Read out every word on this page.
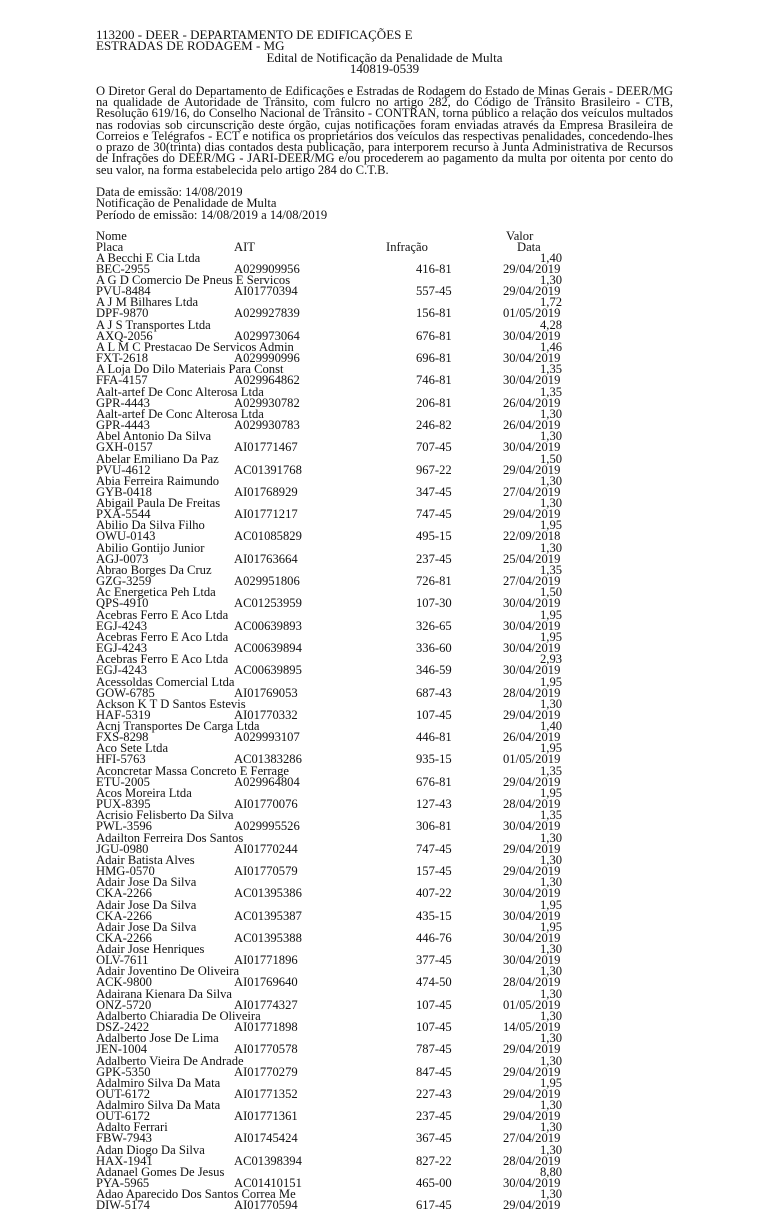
113200 - DEER - DEPARTAMENTO DE EDIFICAÇÕES E
ESTRADAS DE RODAGEM - MG
Edital de Notificação da Penalidade de Multa
140819-0539
O Diretor Geral do Departamento de Edificações e Estradas de Rodagem do Estado de Minas Gerais - DEER/MG na qualidade de Autoridade de Trânsito, com fulcro no artigo 282, do Código de Trânsito Brasileiro - CTB, Resolução 619/16, do Conselho Nacional de Trânsito - CONTRAN, torna público a relação dos veículos multados nas rodovias sob circunscrição deste órgão, cujas notificações foram enviadas através da Empresa Brasileira de Correios e Telégrafos - ECT e notifica os proprietários dos veículos das respectivas penalidades, concedendo-lhes o prazo de 30(trinta) dias contados desta publicação, para interporem recurso à Junta Administrativa de Recursos de Infrações do DEER/MG - JARI-DEER/MG e/ou procederem ao pagamento da multa por oitenta por cento do seu valor, na forma estabelecida pelo artigo 284 do C.T.B.
Data de emissão: 14/08/2019
Notificação de Penalidade de Multa
Período de emissão: 14/08/2019 a 14/08/2019
Nome	Valor
Placa	AIT	Infração	Data
A Becchi E Cia Ltda	1,40
BEC-2955	A029909956	416-81	29/04/2019
A G D Comercio De Pneus E Servicos	1,30
PVU-8484	AI01770394	557-45	29/04/2019
A J M Bilhares Ltda	1,72
DPF-9870	A029927839	156-81	01/05/2019
A J S Transportes Ltda	4,28
AXQ-2056	A029973064	676-81	30/04/2019
A L M C Prestacao De Servicos Admin	1,46
FXT-2618	A029990996	696-81	30/04/2019
A Loja Do Dilo Materiais Para Const	1,35
FFA-4157	A029964862	746-81	30/04/2019
Aalt-artef De Conc Alterosa Ltda	1,35
GPR-4443	A029930782	206-81	26/04/2019
Aalt-artef De Conc Alterosa Ltda	1,30
GPR-4443	A029930783	246-82	26/04/2019
Abel Antonio Da Silva	1,30
GXH-0157	AI01771467	707-45	30/04/2019
Abelar Emiliano Da Paz	1,50
PVU-4612	AC01391768	967-22	29/04/2019
Abia Ferreira Raimundo	1,30
GYB-0418	AI01768929	347-45	27/04/2019
Abigail Paula De Freitas	1,30
PXA-5544	AI01771217	747-45	29/04/2019
Abilio Da Silva Filho	1,95
OWU-0143	AC01085829	495-15	22/09/2018
Abilio Gontijo Junior	1,30
AGJ-0073	AI01763664	237-45	25/04/2019
Abrao Borges Da Cruz	1,35
GZG-3259	A029951806	726-81	27/04/2019
Ac Energetica Peh Ltda	1,50
QPS-4910	AC01253959	107-30	30/04/2019
Acebras Ferro E Aco Ltda	1,95
EGJ-4243	AC00639893	326-65	30/04/2019
Acebras Ferro E Aco Ltda	1,95
EGJ-4243	AC00639894	336-60	30/04/2019
Acebras Ferro E Aco Ltda	2,93
EGJ-4243	AC00639895	346-59	30/04/2019
Acessoldas Comercial Ltda	1,95
GOW-6785	AI01769053	687-43	28/04/2019
Ackson K T D Santos Estevis	1,30
HAF-5319	AI01770332	107-45	29/04/2019
Acnj Transportes De Carga Ltda	1,40
FXS-8298	A029993107	446-81	26/04/2019
Aco Sete Ltda	1,95
HFI-5763	AC01383286	935-15	01/05/2019
Aconcretar Massa Concreto E Ferrage	1,35
ETU-2005	A029964804	676-81	29/04/2019
Acos Moreira Ltda	1,95
PUX-8395	AI01770076	127-43	28/04/2019
Acrisio Felisberto Da Silva	1,35
PWL-3596	A029995526	306-81	30/04/2019
Adailton Ferreira Dos Santos	1,30
JGU-0980	AI01770244	747-45	29/04/2019
Adair Batista Alves	1,30
HMG-0570	AI01770579	157-45	29/04/2019
Adair Jose Da Silva	1,30
CKA-2266	AC01395386	407-22	30/04/2019
Adair Jose Da Silva	1,95
CKA-2266	AC01395387	435-15	30/04/2019
Adair Jose Da Silva	1,95
CKA-2266	AC01395388	446-76	30/04/2019
Adair Jose Henriques	1,30
OLV-7611	AI01771896	377-45	30/04/2019
Adair Joventino De Oliveira	1,30
ACK-9800	AI01769640	474-50	28/04/2019
Adairana Kienara Da Silva	1,30
ONZ-5720	AI01774327	107-45	01/05/2019
Adalberto Chiaradia De Oliveira	1,30
DSZ-2422	AI01771898	107-45	14/05/2019
Adalberto Jose De Lima	1,30
JEN-1004	AI01770578	787-45	29/04/2019
Adalberto Vieira De Andrade	1,30
GPK-5350	AI01770279	847-45	29/04/2019
Adalmiro Silva Da Mata	1,95
OUT-6172	AI01771352	227-43	29/04/2019
Adalmiro Silva Da Mata	1,30
OUT-6172	AI01771361	237-45	29/04/2019
Adalto Ferrari	1,30
FBW-7943	AI01745424	367-45	27/04/2019
Adan Diogo Da Silva	1,30
HAX-1941	AC01398394	827-22	28/04/2019
Adanael Gomes De Jesus	8,80
PYA-5965	AC01410151	465-00	30/04/2019
Adao Aparecido Dos Santos Correa Me	1,30
DIW-5174	AI01770594	617-45	29/04/2019
